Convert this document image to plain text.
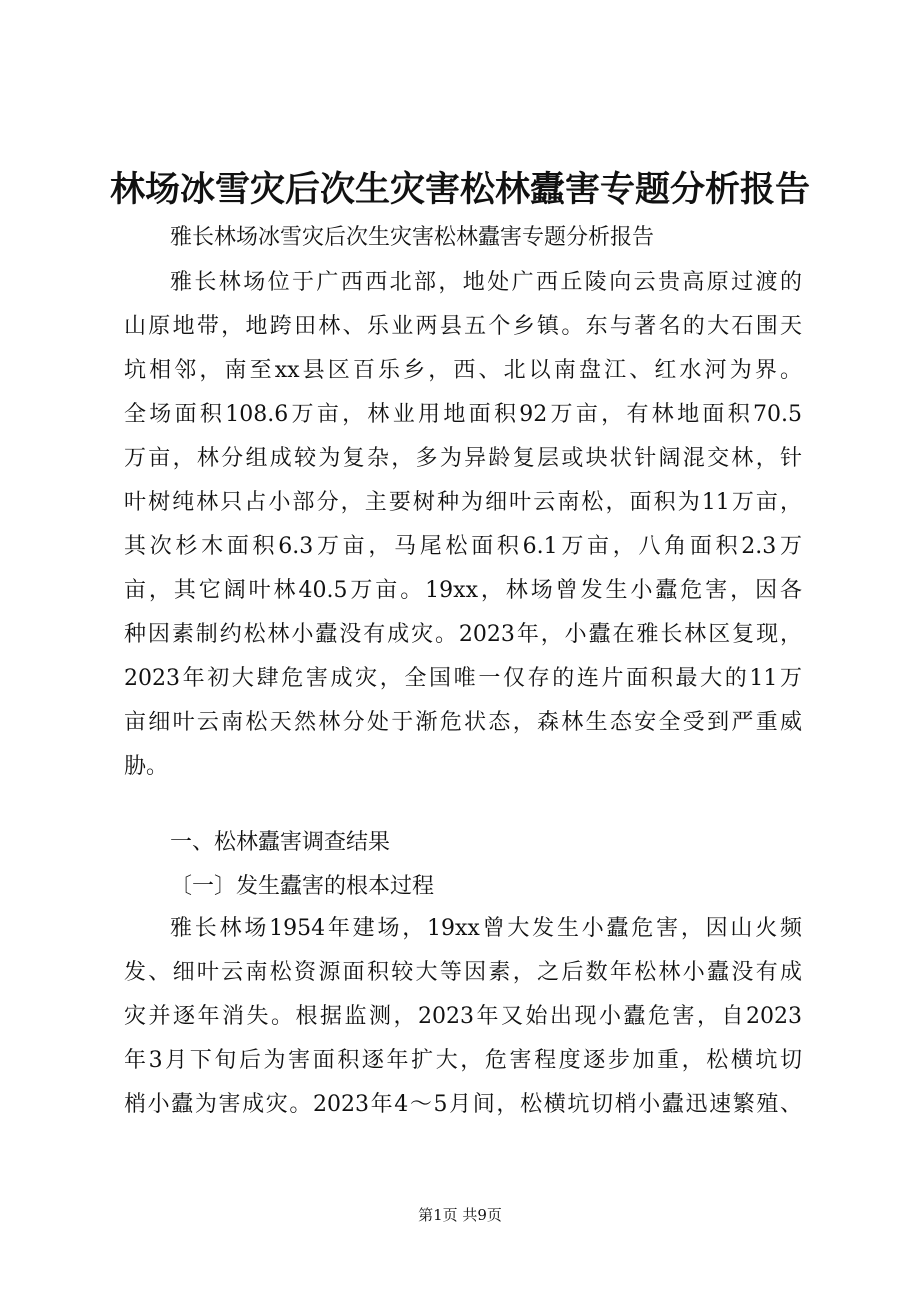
林场冰雪灾后次生灾害松林蠹害专题分析报告
雅长林场冰雪灾后次生灾害松林蠹害专题分析报告
雅长林场位于广西西北部，地处广西丘陵向云贵高原过渡的
山原地带，地跨田林、乐业两县五个乡镇。东与著名的大石围天
坑相邻，南至xx县区百乐乡，西、北以南盘江、红水河为界。
全场面积108.6万亩，林业用地面积92万亩，有林地面积70.5
万亩，林分组成较为复杂，多为异龄复层或块状针阔混交林，针
叶树纯林只占小部分，主要树种为细叶云南松，面积为11万亩，
其次杉木面积6.3万亩，马尾松面积6.1万亩，八角面积2.3万
亩，其它阔叶林40.5万亩。19xx，林场曾发生小蠹危害，因各
种因素制约松林小蠹没有成灾。2023年，小蠹在雅长林区复现，
2023年初大肆危害成灾，全国唯一仅存的连片面积最大的11万
亩细叶云南松天然林分处于渐危状态，森林生态安全受到严重威
胁。
一、松林蠹害调查结果
〔一〕发生蠹害的根本过程
雅长林场1954年建场，19xx曾大发生小蠹危害，因山火频
发、细叶云南松资源面积较大等因素，之后数年松林小蠹没有成
灾并逐年消失。根据监测，2023年又始出现小蠹危害，自2023
年3月下旬后为害面积逐年扩大，危害程度逐步加重，松横坑切
梢小蠹为害成灾。2023年4～5月间，松横坑切梢小蠹迅速繁殖、
第1页 共9页
